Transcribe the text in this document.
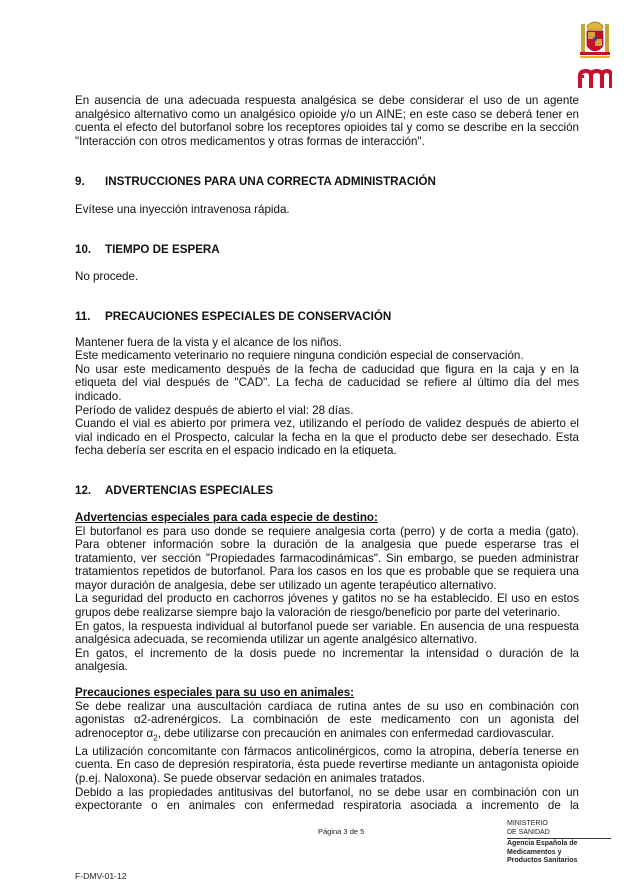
En ausencia de una adecuada respuesta analgésica se debe considerar el uso de un agente analgésico alternativo como un analgésico opioide y/o un AINE; en este caso se deberá tener en cuenta el efecto del butorfanol sobre los receptores opioides tal y como se describe en la sección "Interacción con otros medicamentos y otras formas de interacción".

9. INSTRUCCIONES PARA UNA CORRECTA ADMINISTRACIÓN

Evítese una inyección intravenosa rápida.

10. TIEMPO DE ESPERA

No procede.

11. PRECAUCIONES ESPECIALES DE CONSERVACIÓN

Mantener fuera de la vista y el alcance de los niños.

Este medicamento veterinario no requiere ninguna condición especial de conservación.

No usar este medicamento después de la fecha de caducidad que figura en la caja y en la etiqueta del vial después de "CAD". La fecha de caducidad se refiere al último día del mes indicado.

Período de validez después de abierto el vial: 28 días.

Cuando el vial es abierto por primera vez, utilizando el período de validez después de abierto el vial indicado en el Prospecto, calcular la fecha en la que el producto debe ser desechado. Esta fecha debería ser escrita en el espacio indicado en la etiqueta.

12. ADVERTENCIAS ESPECIALES

Advertencias especiales para cada especie de destino:

El butorfanol es para uso donde se requiere analgesia corta (perro) y de corta a media (gato). Para obtener información sobre la duración de la analgesia que puede esperarse tras el tratamiento, ver sección "Propiedades farmacodinámicas". Sin embargo, se pueden administrar tratamientos repetidos de butorfanol. Para los casos en los que es probable que se requiera una mayor duración de analgesia, debe ser utilizado un agente terapéutico alternativo.

La seguridad del producto en cachorros jóvenes y gatitos no se ha establecido. El uso en estos grupos debe realizarse siempre bajo la valoración de riesgo/beneficio por parte del veterinario.

En gatos, la respuesta individual al butorfanol puede ser variable. En ausencia de una respuesta analgésica adecuada, se recomienda utilizar un agente analgésico alternativo.

En gatos, el incremento de la dosis puede no incrementar la intensidad o duración de la analgesia.

Precauciones especiales para su uso en animales:

Se debe realizar una auscultación cardíaca de rutina antes de su uso en combinación con agonistas α2-adrenérgicos. La combinación de este medicamento con un agonista del adrenoceptor $\alpha_2$, debe utilizarse con precaución en animales con enfermedad cardiovascular.

La utilización concomitante con fármacos anticolinérgicos, como la atropina, debería tenerse en cuenta. En caso de depresión respiratoria, ésta puede revertirse mediante un antagonista opioide (p.ej. Naloxona). Se puede observar sedación en animales tratados.

Debido a las propiedades antitusivas del butorfanol, no se debe usar en combinación con un expectorante o en animales con enfermedad respiratoria asociada a incremento de la

Página 3 de 5
MINISTERIO
DE SANIDAD
Agencia Española de
Medicamentos y
Productos Sanitarios
F-DMV-01-12
